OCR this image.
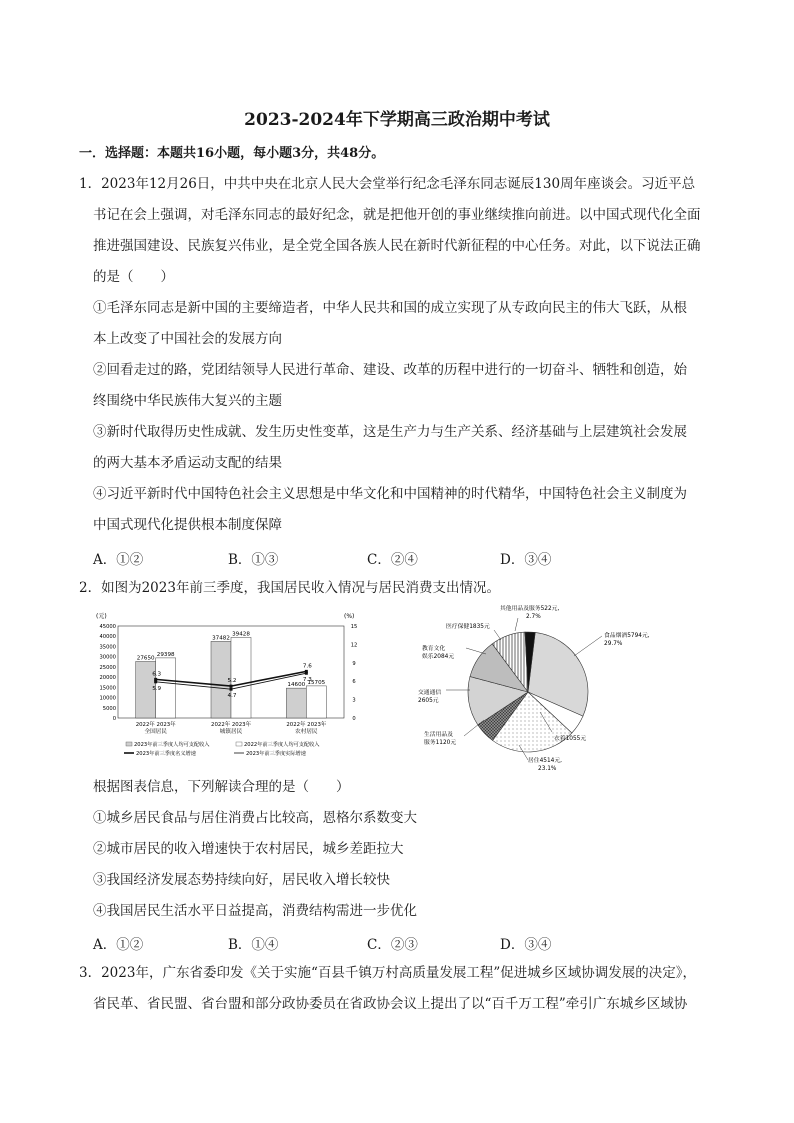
2023-2024年下学期高三政治期中考试
一．选择题：本题共16小题，每小题3分，共48分。
1．2023年12月26日，中共中央在北京人民大会堂举行纪念毛泽东同志诞辰130周年座谈会。习近平总
书记在会上强调，对毛泽东同志的最好纪念，就是把他开创的事业继续推向前进。以中国式现代化全面
推进强国建设、民族复兴伟业，是全党全国各族人民在新时代新征程的中心任务。对此，以下说法正确
的是（　　）
①毛泽东同志是新中国的主要缔造者，中华人民共和国的成立实现了从专政向民主的伟大飞跃，从根
本上改变了中国社会的发展方向
②回看走过的路，党团结领导人民进行革命、建设、改革的历程中进行的一切奋斗、牺牲和创造，始
终围绕中华民族伟大复兴的主题
③新时代取得历史性成就、发生历史性变革，这是生产力与生产关系、经济基础与上层建筑社会发展
的两大基本矛盾运动支配的结果
④习近平新时代中国特色社会主义思想是中华文化和中国精神的时代精华，中国特色社会主义制度为
中国式现代化提供根本制度保障
A．①②	B．①③	C．②④	D．③④
2．如图为2023年前三季度，我国居民收入情况与居民消费支出情况。
(元)	(%)
45000
40000
35000
30000
25000
20000
15000
10000
5000
0
15
12
9
6
3
0
27650
29398
37482
39428
14600 15705
6.3
5.2
7.6
5.9
4.7
7.3
2022年 2023年
全国居民
2022年 2023年
城镇居民
2022年 2023年
农村居民
2023年前三季度人均可支配收入	2022年前三季度人均可支配收入
2023年前三季度名义增速	2023年前三季度实际增速
食品烟酒5794元,
29.7%
衣着1055元
居住4514元,
23.1%
生活用品及
服务1120元
交通通信
2605元
教育文化
娱乐2084元
医疗保健1835元
其他用品及服务522元,
2.7%
根据图表信息，下列解读合理的是（　　）
①城乡居民食品与居住消费占比较高，恩格尔系数变大
②城市居民的收入增速快于农村居民，城乡差距拉大
③我国经济发展态势持续向好，居民收入增长较快
④我国居民生活水平日益提高，消费结构需进一步优化
A．①②	B．①④	C．②③	D．③④
3．2023年，广东省委印发《关于实施“百县千镇万村高质量发展工程”促进城乡区域协调发展的决定》，
省民革、省民盟、省台盟和部分政协委员在省政协会议上提出了以“百千万工程”牵引广东城乡区域协
